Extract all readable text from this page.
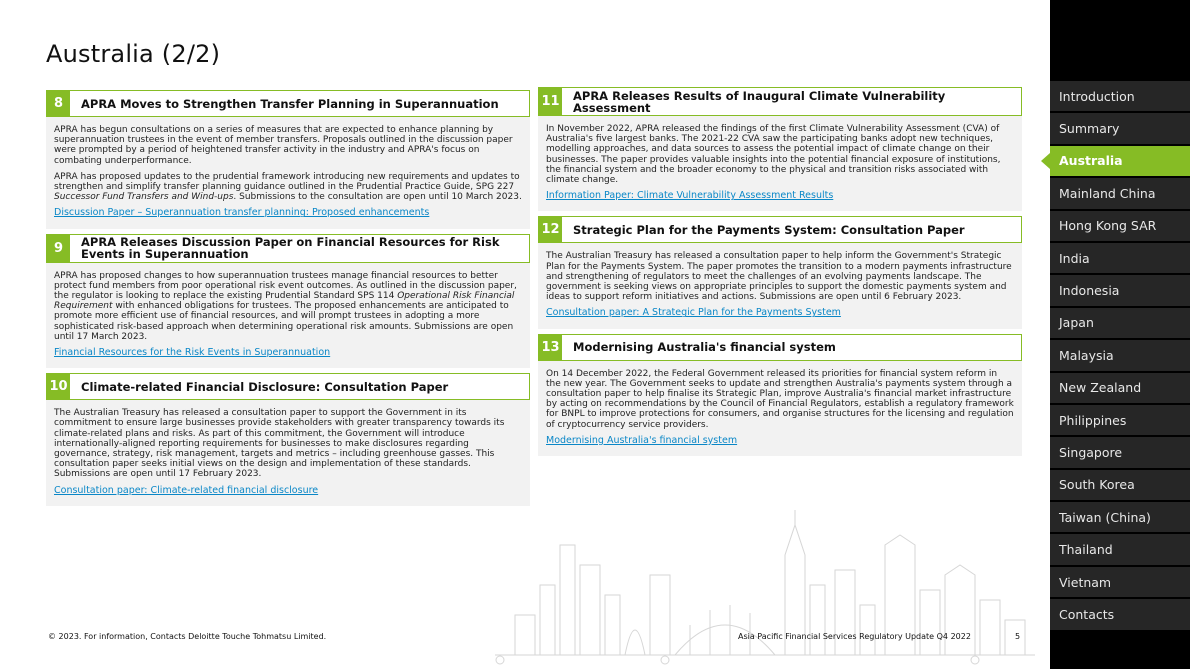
Australia (2/2)
8	APRA Moves to Strengthen Transfer Planning in Superannuation

APRA has begun consultations on a series of measures that are expected to enhance planning by superannuation trustees in the event of member transfers. Proposals outlined in the discussion paper were prompted by a period of heightened transfer activity in the industry and APRA's focus on combating underperformance.

APRA has proposed updates to the prudential framework introducing new requirements and updates to strengthen and simplify transfer planning guidance outlined in the Prudential Practice Guide, SPG 227 Successor Fund Transfers and Wind-ups. Submissions to the consultation are open until 10 March 2023.

Discussion Paper – Superannuation transfer planning: Proposed enhancements
9	APRA Releases Discussion Paper on Financial Resources for Risk Events in Superannuation

APRA has proposed changes to how superannuation trustees manage financial resources to better protect fund members from poor operational risk event outcomes. As outlined in the discussion paper, the regulator is looking to replace the existing Prudential Standard SPS 114 Operational Risk Financial Requirement with enhanced obligations for trustees. The proposed enhancements are anticipated to promote more efficient use of financial resources, and will prompt trustees in adopting a more sophisticated risk-based approach when determining operational risk amounts. Submissions are open until 17 March 2023.

Financial Resources for the Risk Events in Superannuation
10 Climate-related Financial Disclosure: Consultation Paper

The Australian Treasury has released a consultation paper to support the Government in its commitment to ensure large businesses provide stakeholders with greater transparency towards its climate-related plans and risks. As part of this commitment, the Government will introduce internationally-aligned reporting requirements for businesses to make disclosures regarding governance, strategy, risk management, targets and metrics – including greenhouse gasses. This consultation paper seeks initial views on the design and implementation of these standards. Submissions are open until 17 February 2023.

Consultation paper: Climate-related financial disclosure
11 APRA Releases Results of Inaugural Climate Vulnerability Assessment

In November 2022, APRA released the findings of the first Climate Vulnerability Assessment (CVA) of Australia's five largest banks. The 2021-22 CVA saw the participating banks adopt new techniques, modelling approaches, and data sources to assess the potential impact of climate change on their businesses. The paper provides valuable insights into the potential financial exposure of institutions, the financial system and the broader economy to the physical and transition risks associated with climate change.

Information Paper: Climate Vulnerability Assessment Results
12 Strategic Plan for the Payments System: Consultation Paper

The Australian Treasury has released a consultation paper to help inform the Government's Strategic Plan for the Payments System. The paper promotes the transition to a modern payments infrastructure and strengthening of regulators to meet the challenges of an evolving payments landscape. The government is seeking views on appropriate principles to support the domestic payments system and ideas to support reform initiatives and actions. Submissions are open until 6 February 2023.

Consultation paper: A Strategic Plan for the Payments System
13 Modernising Australia's financial system

On 14 December 2022, the Federal Government released its priorities for financial system reform in the new year. The Government seeks to update and strengthen Australia's payments system through a consultation paper to help finalise its Strategic Plan, improve Australia's financial market infrastructure by acting on recommendations by the Council of Financial Regulators, establish a regulatory framework for BNPL to improve protections for consumers, and organise structures for the licensing and regulation of cryptocurrency service providers.

Modernising Australia's financial system
Introduction
Summary
Australia
Mainland China
Hong Kong SAR
India
Indonesia
Japan
Malaysia
New Zealand
Philippines
Singapore
South Korea
Taiwan (China)
Thailand
Vietnam
Contacts
© 2023. For information, Contacts Deloitte Touche Tohmatsu Limited.	Asia Pacific Financial Services Regulatory Update Q4 2022	5
